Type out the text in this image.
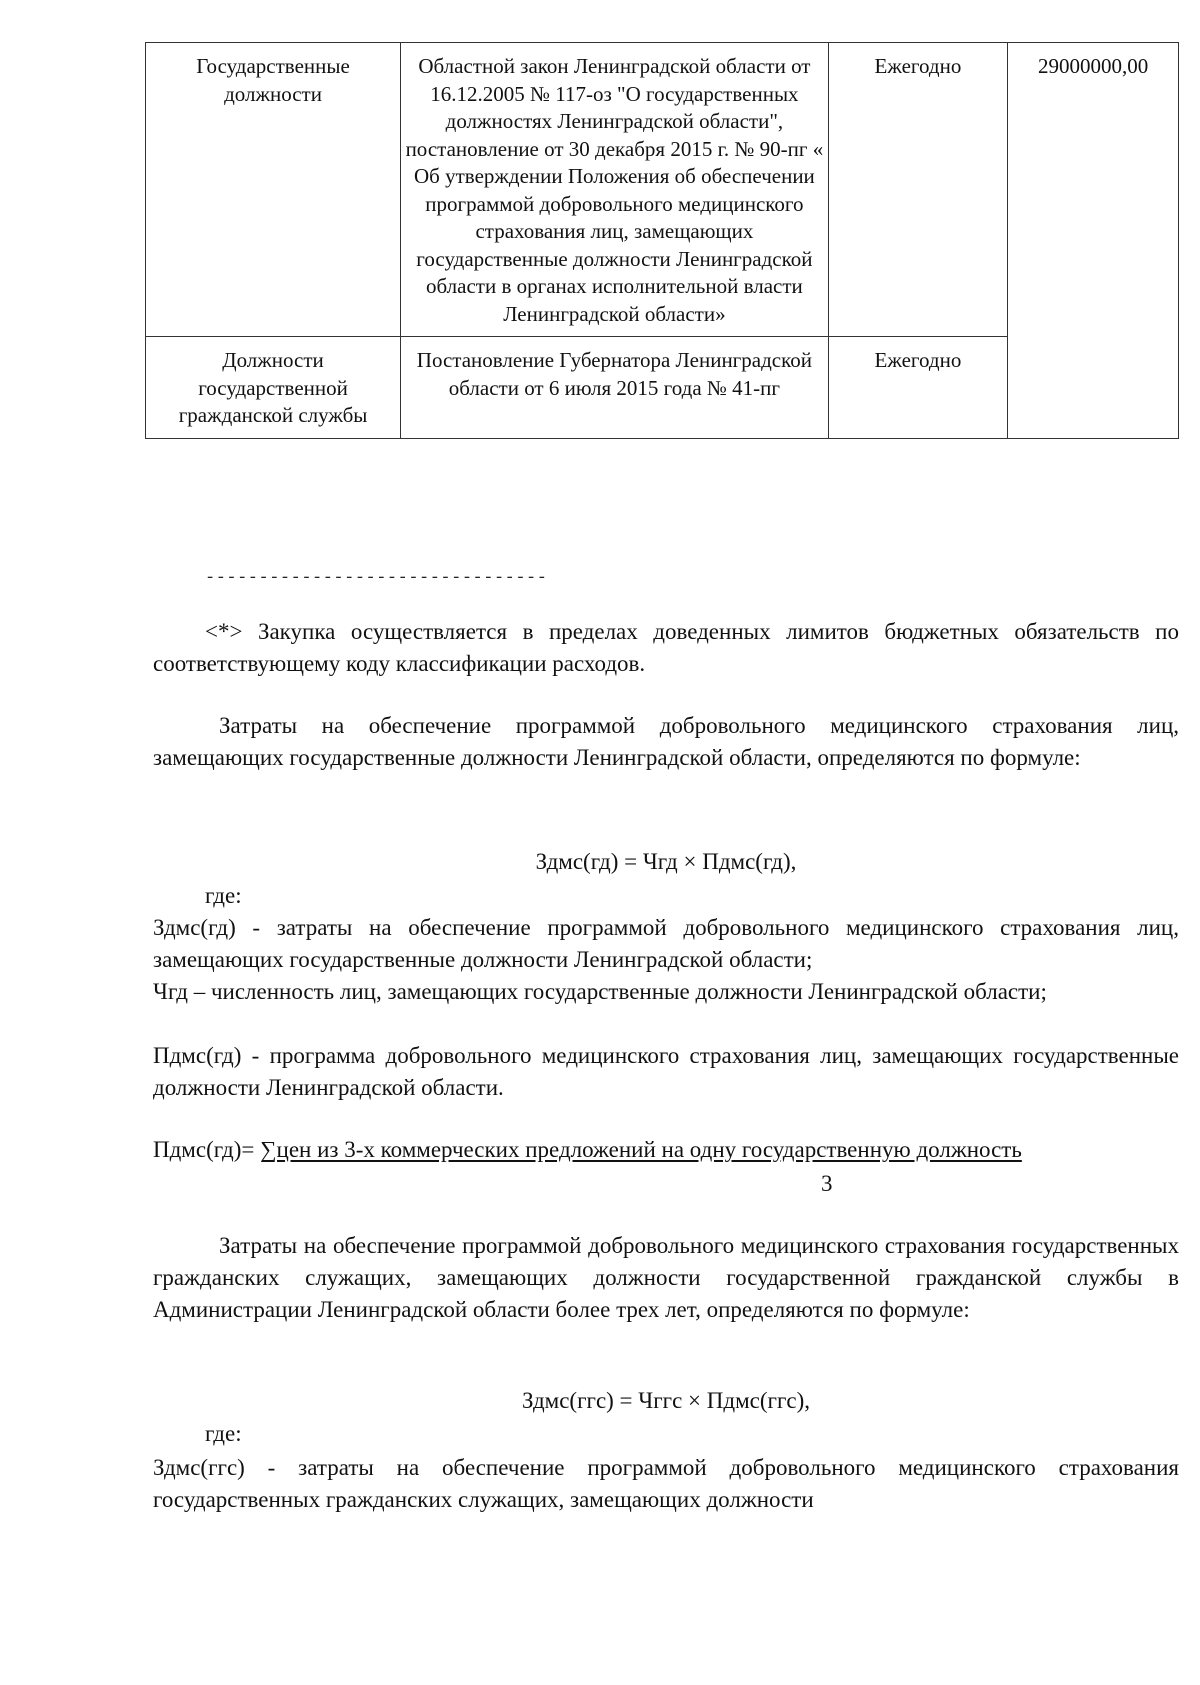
Государственные должности	Областной закон Ленинградской области от 16.12.2005 № 117-оз "О государственных должностях Ленинградской области", постановление от 30 декабря 2015 г. № 90-пг « Об утверждении Положения об обеспечении программой добровольного медицинского страхования лиц, замещающих государственные должности Ленинградской области в органах исполнительной власти Ленинградской области»	Ежегодно	29000000,00
Должности государственной гражданской службы	Постановление Губернатора Ленинградской области от 6 июля 2015 года № 41-пг	Ежегодно	
--------------------------------
<*> Закупка осуществляется в пределах доведенных лимитов бюджетных обязательств по соответствующему коду классификации расходов.
Затраты на обеспечение программой добровольного медицинского страхования лиц, замещающих государственные должности Ленинградской области, определяются по формуле:
Здмс(гд) = Чгд × Пдмс(гд),
где:
Здмс(гд) - затраты на обеспечение программой добровольного медицинского страхования лиц, замещающих государственные должности Ленинградской области;
Чгд – численность лиц, замещающих государственные должности Ленинградской области;
Пдмс(гд) - программа добровольного медицинского страхования лиц, замещающих государственные должности Ленинградской области.
Пдмс(гд)= ∑цен из 3-х коммерческих предложений на одну государственную должность
3
Затраты на обеспечение программой добровольного медицинского страхования государственных гражданских служащих, замещающих должности государственной гражданской службы в Администрации Ленинградской области более трех лет, определяются по формуле:
Здмс(ггс) = Чггс × Пдмс(ггс),
где:
Здмс(ггс) - затраты на обеспечение программой добровольного медицинского страхования государственных гражданских служащих, замещающих должности
